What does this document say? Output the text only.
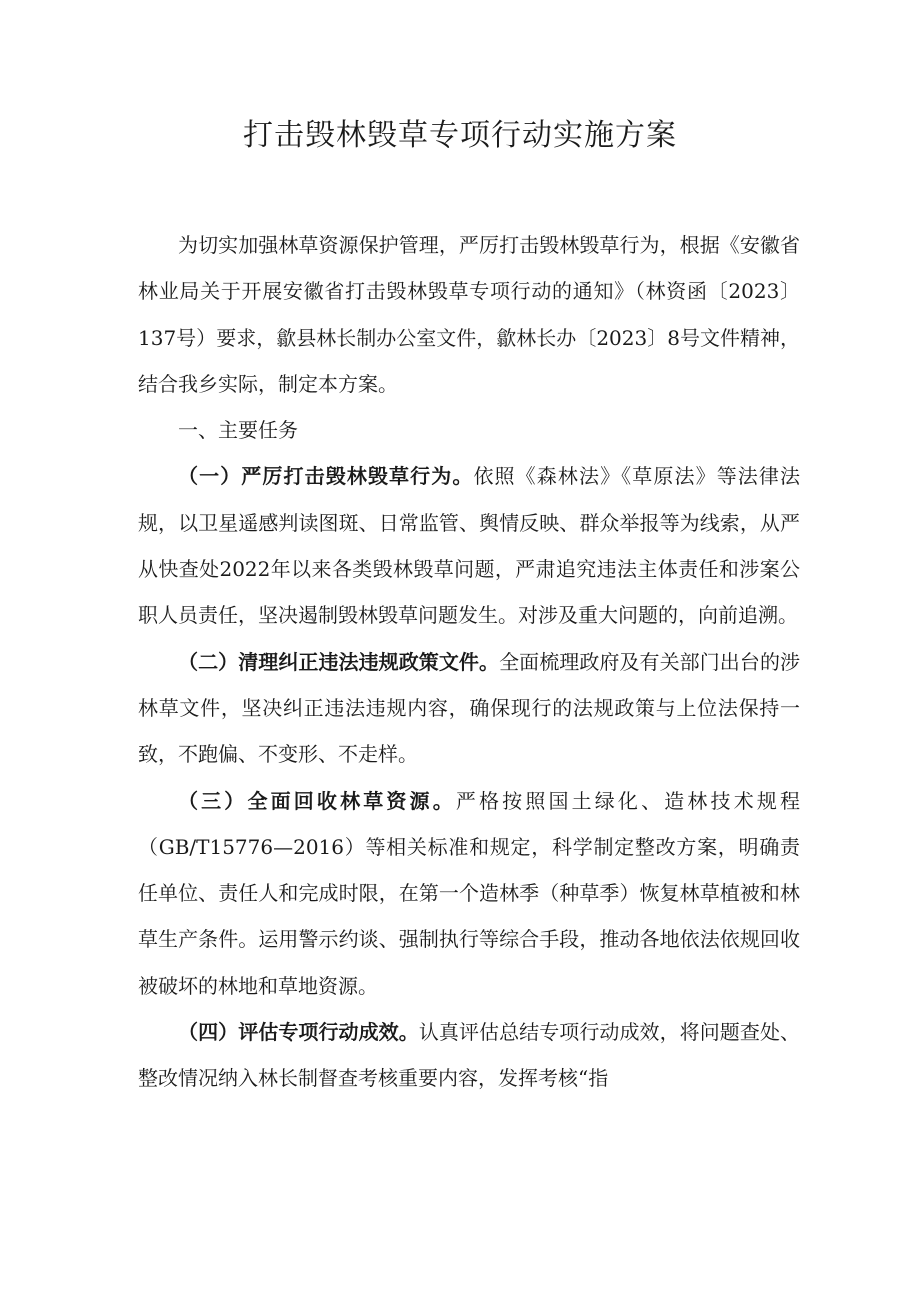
打击毁林毁草专项行动实施方案

为切实加强林草资源保护管理，严厉打击毁林毁草行为，根据《安徽省林业局关于开展安徽省打击毁林毁草专项行动的通知》（林资函〔2023〕137号）要求，歙县林长制办公室文件，歙林长办〔2023〕8号文件精神，结合我乡实际，制定本方案。

一、主要任务

（一）严厉打击毁林毁草行为。依照《森林法》《草原法》等法律法规，以卫星遥感判读图斑、日常监管、舆情反映、群众举报等为线索，从严从快查处2022年以来各类毁林毁草问题，严肃追究违法主体责任和涉案公职人员责任，坚决遏制毁林毁草问题发生。对涉及重大问题的，向前追溯。

（二）清理纠正违法违规政策文件。全面梳理政府及有关部门出台的涉林草文件，坚决纠正违法违规内容，确保现行的法规政策与上位法保持一致，不跑偏、不变形、不走样。

（三）全面回收林草资源。严格按照国土绿化、造林技术规程（GB/T15776—2016）等相关标准和规定，科学制定整改方案，明确责任单位、责任人和完成时限，在第一个造林季（种草季）恢复林草植被和林草生产条件。运用警示约谈、强制执行等综合手段，推动各地依法依规回收被破坏的林地和草地资源。

（四）评估专项行动成效。认真评估总结专项行动成效，将问题查处、整改情况纳入林长制督查考核重要内容，发挥考核“指
